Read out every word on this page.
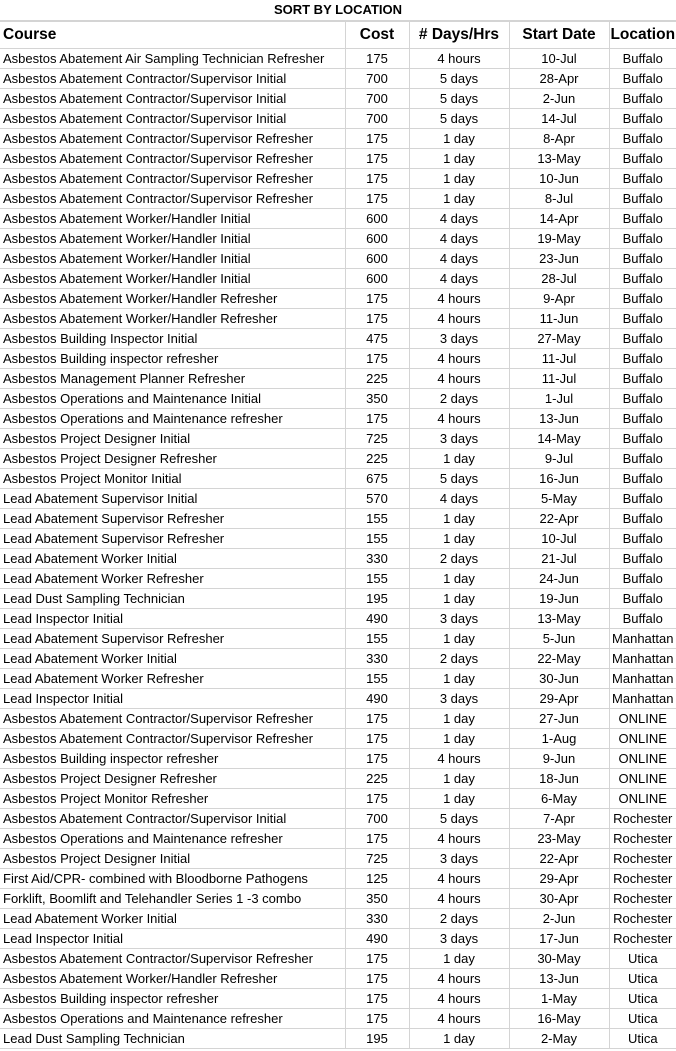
SORT BY LOCATION
Course	Cost	# Days/Hrs	Start Date	Location
Asbestos Abatement Air Sampling Technician Refresher	175	4 hours	10-Jul	Buffalo
Asbestos Abatement Contractor/Supervisor Initial	700	5 days	28-Apr	Buffalo
Asbestos Abatement Contractor/Supervisor Initial	700	5 days	2-Jun	Buffalo
Asbestos Abatement Contractor/Supervisor Initial	700	5 days	14-Jul	Buffalo
Asbestos Abatement Contractor/Supervisor Refresher	175	1 day	8-Apr	Buffalo
Asbestos Abatement Contractor/Supervisor Refresher	175	1 day	13-May	Buffalo
Asbestos Abatement Contractor/Supervisor Refresher	175	1 day	10-Jun	Buffalo
Asbestos Abatement Contractor/Supervisor Refresher	175	1 day	8-Jul	Buffalo
Asbestos Abatement Worker/Handler Initial	600	4 days	14-Apr	Buffalo
Asbestos Abatement Worker/Handler Initial	600	4 days	19-May	Buffalo
Asbestos Abatement Worker/Handler Initial	600	4 days	23-Jun	Buffalo
Asbestos Abatement Worker/Handler Initial	600	4 days	28-Jul	Buffalo
Asbestos Abatement Worker/Handler Refresher	175	4 hours	9-Apr	Buffalo
Asbestos Abatement Worker/Handler Refresher	175	4 hours	11-Jun	Buffalo
Asbestos Building Inspector Initial	475	3 days	27-May	Buffalo
Asbestos Building inspector refresher	175	4 hours	11-Jul	Buffalo
Asbestos Management Planner Refresher	225	4 hours	11-Jul	Buffalo
Asbestos Operations and Maintenance Initial	350	2 days	1-Jul	Buffalo
Asbestos Operations and Maintenance refresher	175	4 hours	13-Jun	Buffalo
Asbestos Project Designer Initial	725	3 days	14-May	Buffalo
Asbestos Project Designer Refresher	225	1 day	9-Jul	Buffalo
Asbestos Project Monitor Initial	675	5 days	16-Jun	Buffalo
Lead Abatement Supervisor Initial	570	4 days	5-May	Buffalo
Lead Abatement Supervisor Refresher	155	1 day	22-Apr	Buffalo
Lead Abatement Supervisor Refresher	155	1 day	10-Jul	Buffalo
Lead Abatement Worker Initial	330	2 days	21-Jul	Buffalo
Lead Abatement Worker Refresher	155	1 day	24-Jun	Buffalo
Lead Dust Sampling Technician	195	1 day	19-Jun	Buffalo
Lead Inspector Initial	490	3 days	13-May	Buffalo
Lead Abatement Supervisor Refresher	155	1 day	5-Jun	Manhattan
Lead Abatement Worker Initial	330	2 days	22-May	Manhattan
Lead Abatement Worker Refresher	155	1 day	30-Jun	Manhattan
Lead Inspector Initial	490	3 days	29-Apr	Manhattan
Asbestos Abatement Contractor/Supervisor Refresher	175	1 day	27-Jun	ONLINE
Asbestos Abatement Contractor/Supervisor Refresher	175	1 day	1-Aug	ONLINE
Asbestos Building inspector refresher	175	4 hours	9-Jun	ONLINE
Asbestos Project Designer Refresher	225	1 day	18-Jun	ONLINE
Asbestos Project Monitor Refresher	175	1 day	6-May	ONLINE
Asbestos Abatement Contractor/Supervisor Initial	700	5 days	7-Apr	Rochester
Asbestos Operations and Maintenance refresher	175	4 hours	23-May	Rochester
Asbestos Project Designer Initial	725	3 days	22-Apr	Rochester
First Aid/CPR- combined with Bloodborne Pathogens	125	4 hours	29-Apr	Rochester
Forklift, Boomlift and Telehandler Series 1 -3 combo	350	4 hours	30-Apr	Rochester
Lead Abatement Worker Initial	330	2 days	2-Jun	Rochester
Lead Inspector Initial	490	3 days	17-Jun	Rochester
Asbestos Abatement Contractor/Supervisor Refresher	175	1 day	30-May	Utica
Asbestos Abatement Worker/Handler Refresher	175	4 hours	13-Jun	Utica
Asbestos Building inspector refresher	175	4 hours	1-May	Utica
Asbestos Operations and Maintenance refresher	175	4 hours	16-May	Utica
Lead Dust Sampling Technician	195	1 day	2-May	Utica
